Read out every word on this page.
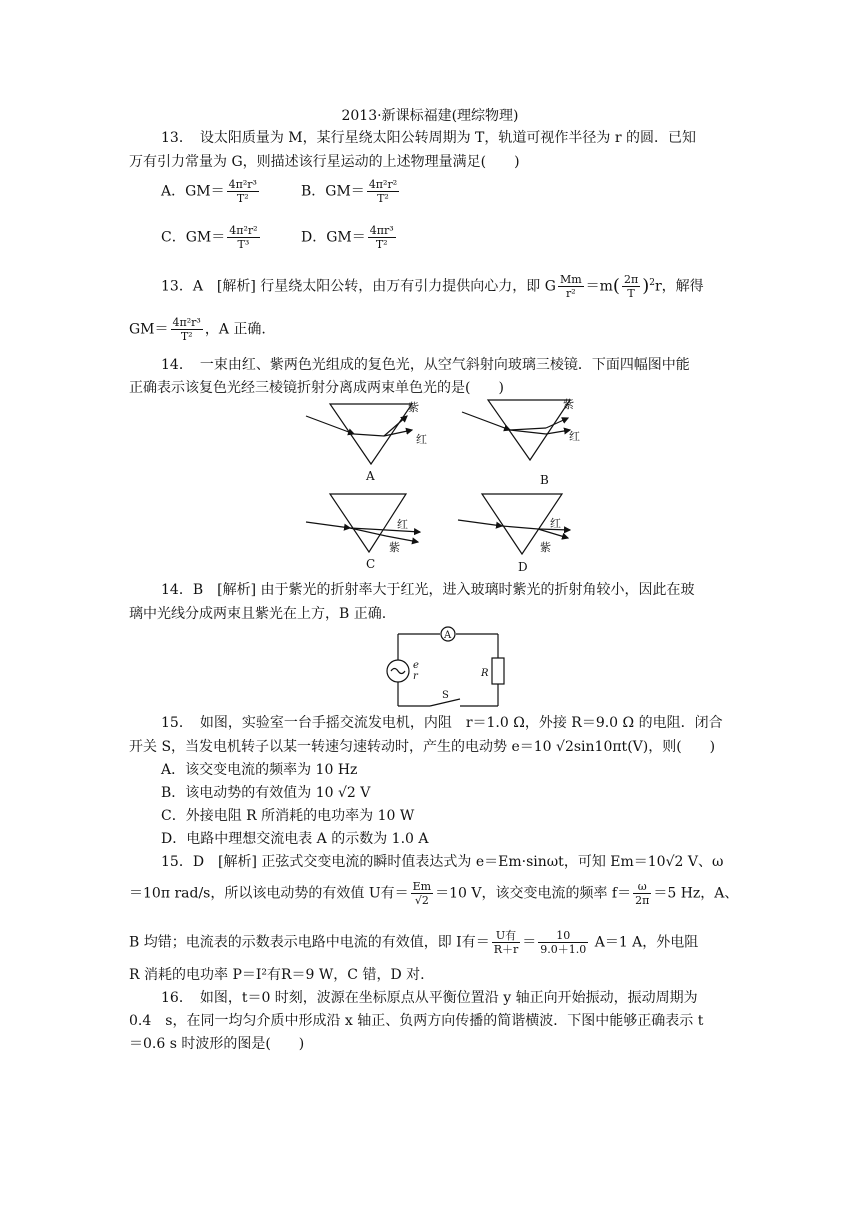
2013·新课标福建(理综物理)
13．　设太阳质量为 M，某行星绕太阳公转周期为 T，轨道可视作半径为 r 的圆．已知
万有引力常量为 G，则描述该行星运动的上述物理量满足(　　)
A．$GM= \frac{\text{4π²r³}}{\text{T²}}$	B．$GM= \frac{\text{4π²r²}}{\text{T²}}$
C．$GM= \frac{\text{4π²r²}}{\text{T³}}$	D．$GM= \frac{\text{4πr³}}{\text{T²}}$
13．A　[解析] 行星绕太阳公转，由万有引力提供向心力，即 G $\frac{Mm}{\text{r²}} =m( \frac{2\pi}{T} )^2r$，解得
$GM= \frac{\text{4π²r³}}{\text{T²}}$ ，A 正确.
14．　一束由红、紫两色光组成的复色光，从空气斜射向玻璃三棱镜．下面四幅图中能
正确表示该复色光经三棱镜折射分离成两束单色光的是(　　)
紫
红
A
紫
红
B
红
紫
C
红
紫
D
14．B　[解析] 由于紫光的折射率大于红光，进入玻璃时紫光的折射角较小，因此在玻
璃中光线分成两束且紫光在上方，B 正确.
A
e
r
S
R
15．　如图，实验室一台手摇交流发电机，内阻　r＝1.0 Ω，外接 R＝9.0 Ω 的电阻．闭合
开关 S，当发电机转子以某一转速匀速转动时，产生的电动势 e＝10 √2sin10πt(V)，则(　　)
A．该交变电流的频率为 10 Hz
B．该电动势的有效值为 10 √2 V
C．外接电阻 R 所消耗的电功率为 10 W
D．电路中理想交流电表 A 的示数为 1.0 A
15．D　[解析] 正弦式交变电流的瞬时值表达式为 e＝Em·sinωt，可知 Em＝10√2 V、ω
＝10π rad/s，所以该电动势的有效值 U有＝ $\frac{Em}{√2} =10$ V，该交变电流的频率 $f= \frac{\omega}{2\pi} =5$ Hz，A、
B 均错；电流表的示数表示电路中电流的有效值，即 I有＝ $\frac{\text{U有}}{R+r} = \frac{10}{9.0+1.0} A=1$ A，外电阻
R 消耗的电功率 P＝I²有R＝9 W，C 错，D 对.
16．　如图，t＝0 时刻，波源在坐标原点从平衡位置沿 y 轴正向开始振动，振动周期为
0.4　s，在同一均匀介质中形成沿 x 轴正、负两方向传播的简谐横波．下图中能够正确表示 t
＝0.6 s 时波形的图是(　　)
